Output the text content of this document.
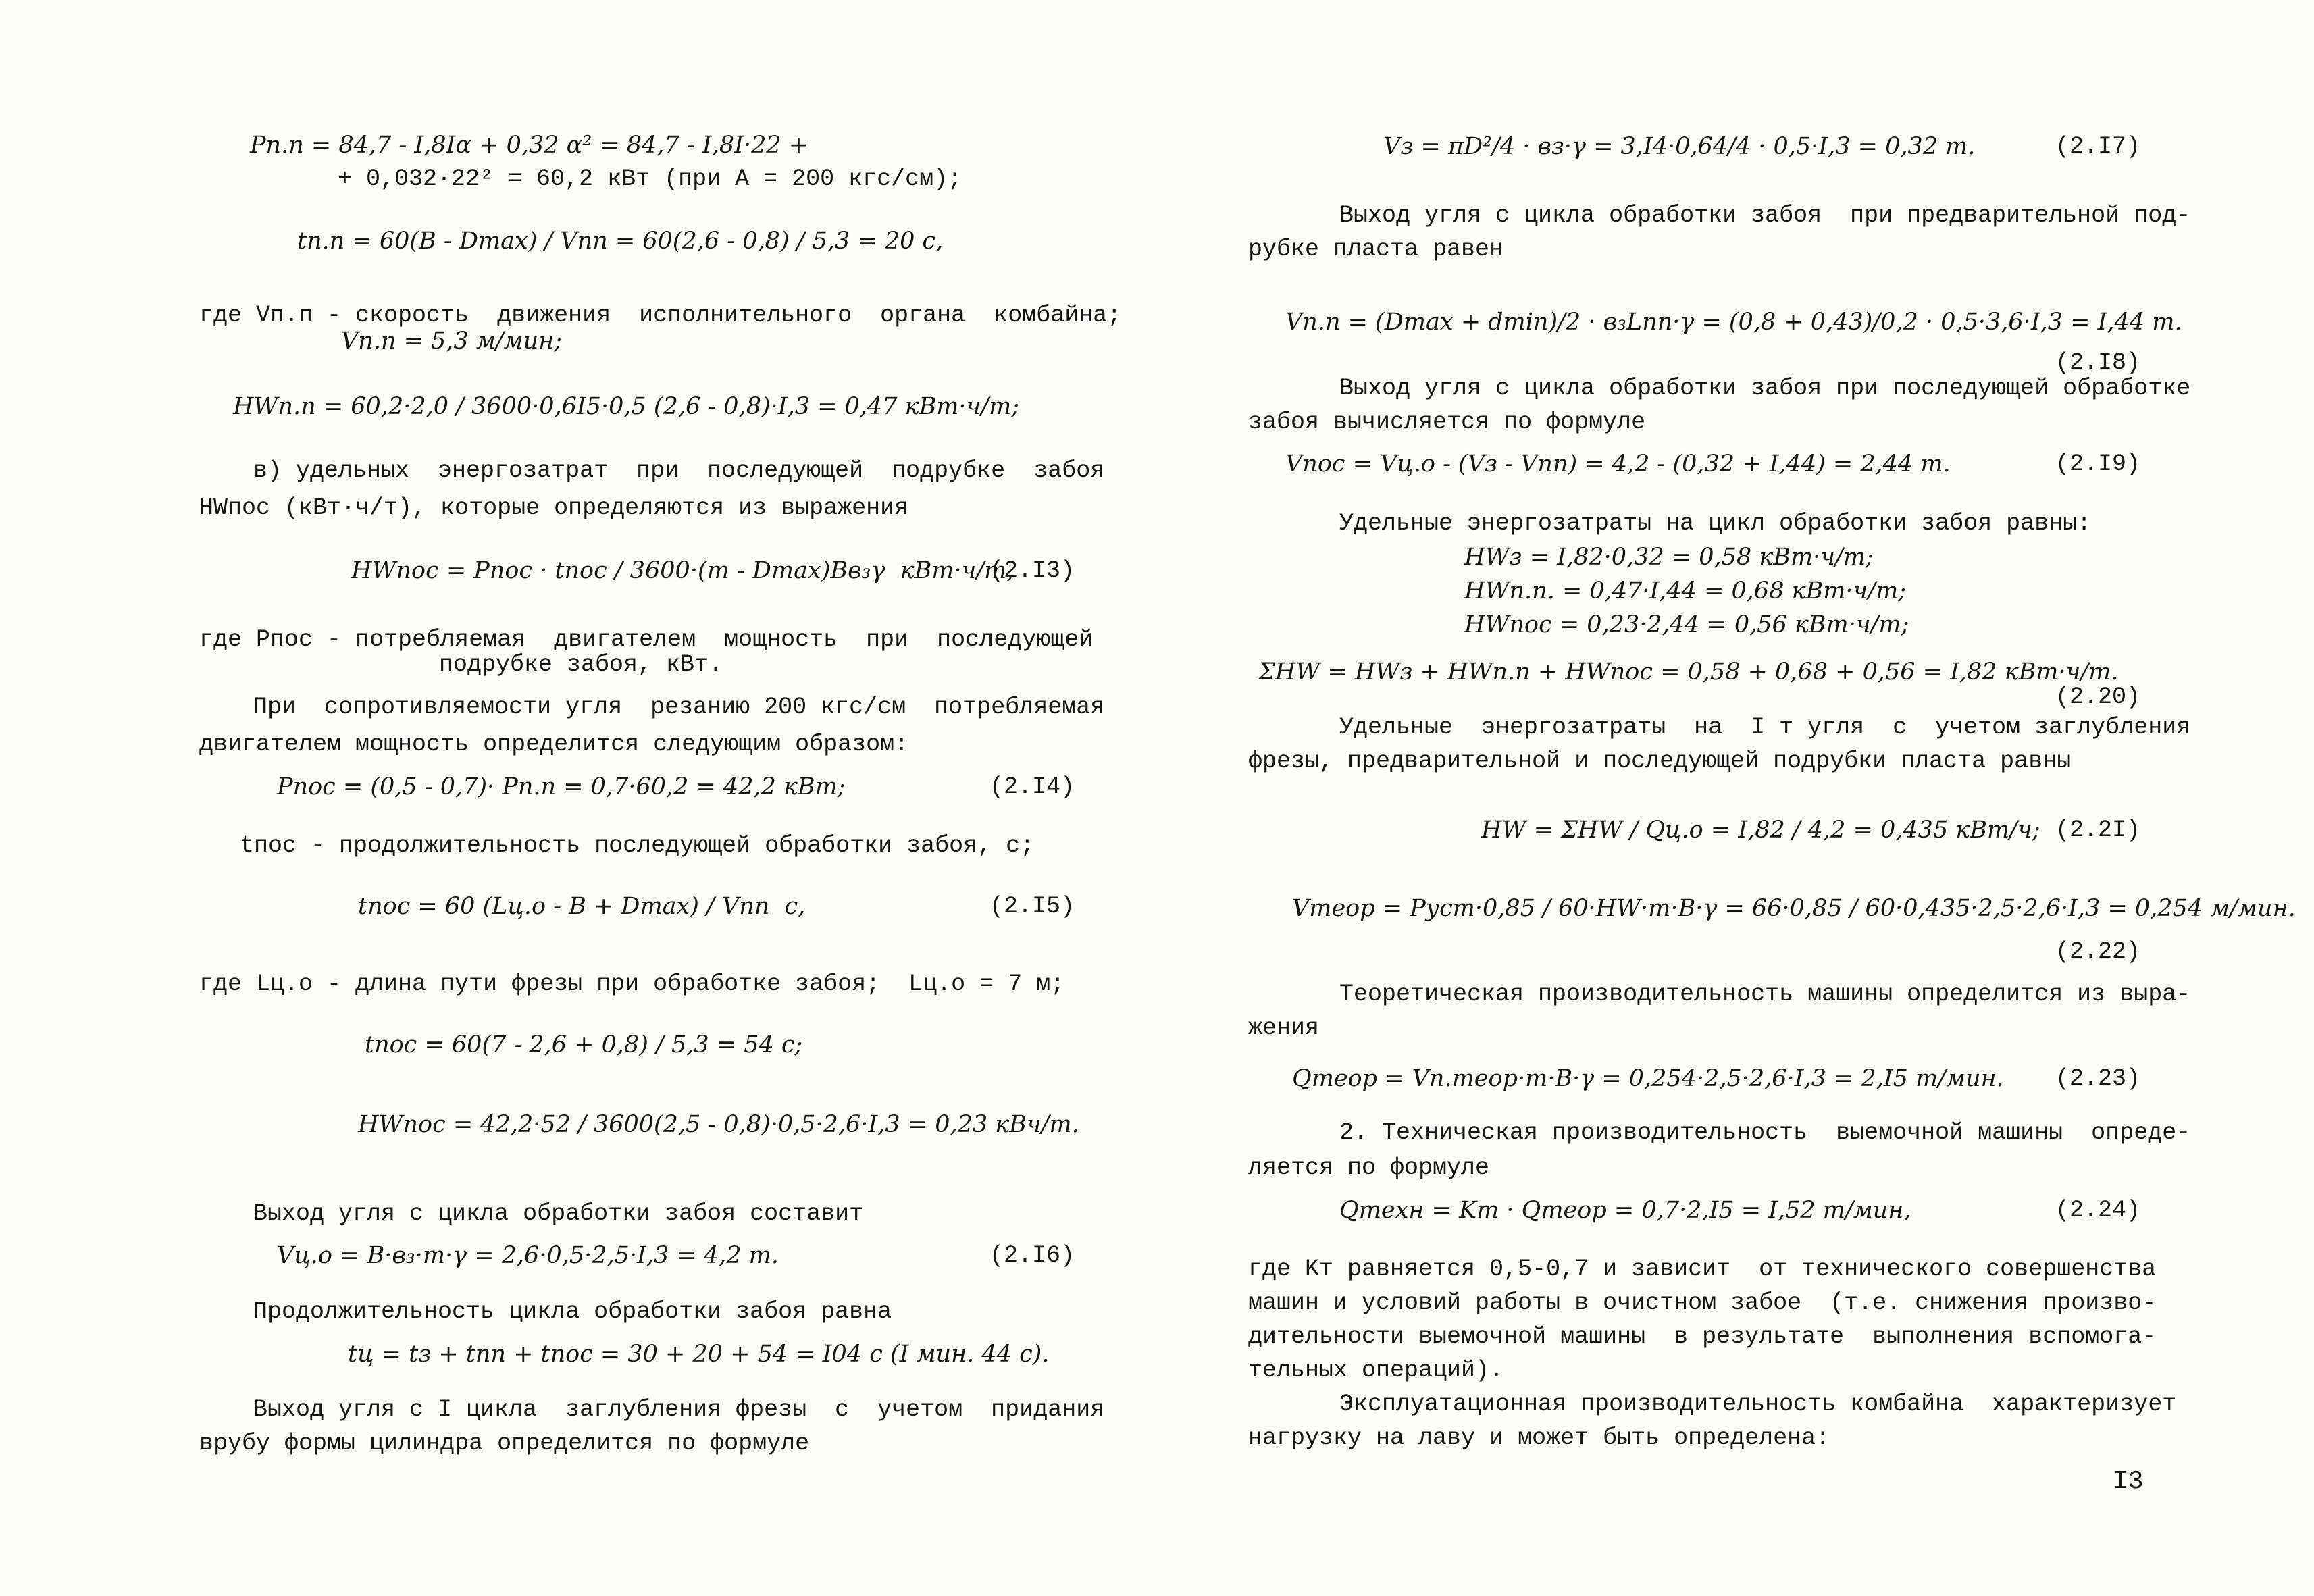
Pп.п = 84,7 - I,8Iα + 0,32 α² = 84,7 - I,8I·22 +
+ 0,032·22² = 60,2 кВт (при A = 200 кгс/см);
tп.п = 60(B - Dmax) / Vпп = 60(2,6 - 0,8) / 5,3 = 20 с,
где Vп.п - скорость  движения  исполнительного  органа  комбайна;
Vп.п = 5,3 м/мин;
HWп.п = 60,2·2,0 / 3600·0,6I5·0,5 (2,6 - 0,8)·I,3 = 0,47 кВт·ч/т;
в) удельных  энергозатрат  при  последующей  подрубке  забоя
HWпос (кВт·ч/т), которые определяются из выражения
HWпос = Pпос · tпос / 3600·(m - Dmax)Bв₃γ  кВт·ч/т,
(2.I3)
где Pпос - потребляемая  двигателем  мощность  при  последующей
подрубке забоя, кВт.
При  сопротивляемости угля  резанию 200 кгс/см  потребляемая
двигателем мощность определится следующим образом:
Pпос = (0,5 - 0,7)· Pп.п = 0,7·60,2 = 42,2 кВт;	(2.I4)
tпос - продолжительность последующей обработки забоя, с;
tпос = 60 (Lц.о - B + Dmax) / Vпп  с,	(2.I5)
где Lц.о - длина пути фрезы при обработке забоя;  Lц.о = 7 м;
tпос = 60(7 - 2,6 + 0,8) / 5,3 = 54 с;
HWпос = 42,2·52 / 3600(2,5 - 0,8)·0,5·2,6·I,3 = 0,23 кВч/т.
Выход угля с цикла обработки забоя составит
Vц.о = B·в₃·m·γ = 2,6·0,5·2,5·I,3 = 4,2 т.	(2.I6)
Продолжительность цикла обработки забоя равна
tц = tз + tпп + tпос = 30 + 20 + 54 = I04 с (I мин. 44 с).
Выход угля с I цикла  заглубления фрезы  с  учетом  придания
врубу формы цилиндра определится по формуле
Vз = πD²/4 · вз·γ = 3,I4·0,64/4 · 0,5·I,3 = 0,32 т.	(2.I7)
Выход угля с цикла обработки забоя  при предварительной под-
рубке пласта равен
Vп.п = (Dmax + dmin)/2 · в₃Lпп·γ = (0,8 + 0,43)/0,2 · 0,5·3,6·I,3 = I,44 т.
(2.I8)
Выход угля с цикла обработки забоя при последующей обработке
забоя вычисляется по формуле
Vпос = Vц.о - (Vз - Vпп) = 4,2 - (0,32 + I,44) = 2,44 т.	(2.I9)
Удельные энергозатраты на цикл обработки забоя равны:
HWз = I,82·0,32 = 0,58 кВт·ч/т;
HWп.п. = 0,47·I,44 = 0,68 кВт·ч/т;
HWпос = 0,23·2,44 = 0,56 кВт·ч/т;
ΣHW = HWз + HWп.п + HWпос = 0,58 + 0,68 + 0,56 = I,82 кВт·ч/т.
(2.20)
Удельные  энергозатраты  на  I т угля  с  учетом заглубления
фрезы, предварительной и последующей подрубки пласта равны
HW = ΣHW / Qц.о = I,82 / 4,2 = 0,435 кВт/ч; (2.2I)
Vтеор = Pуст·0,85 / 60·HW·m·B·γ = 66·0,85 / 60·0,435·2,5·2,6·I,3 = 0,254 м/мин.
(2.22)
Теоретическая производительность машины определится из выра-
жения
Qтеор = Vп.теор·m·B·γ = 0,254·2,5·2,6·I,3 = 2,I5 т/мин. (2.23)
2. Техническая производительность  выемочной машины  опреде-
ляется по формуле
Qтехн = Kт · Qтеор = 0,7·2,I5 = I,52 т/мин,	(2.24)
где Kт равняется 0,5-0,7 и зависит  от технического совершенства
машин и условий работы в очистном забое  (т.е. снижения произво-
дительности выемочной машины  в результате  выполнения вспомога-
тельных операций).
Эксплуатационная производительность комбайна  характеризует
нагрузку на лаву и может быть определена:
I3
